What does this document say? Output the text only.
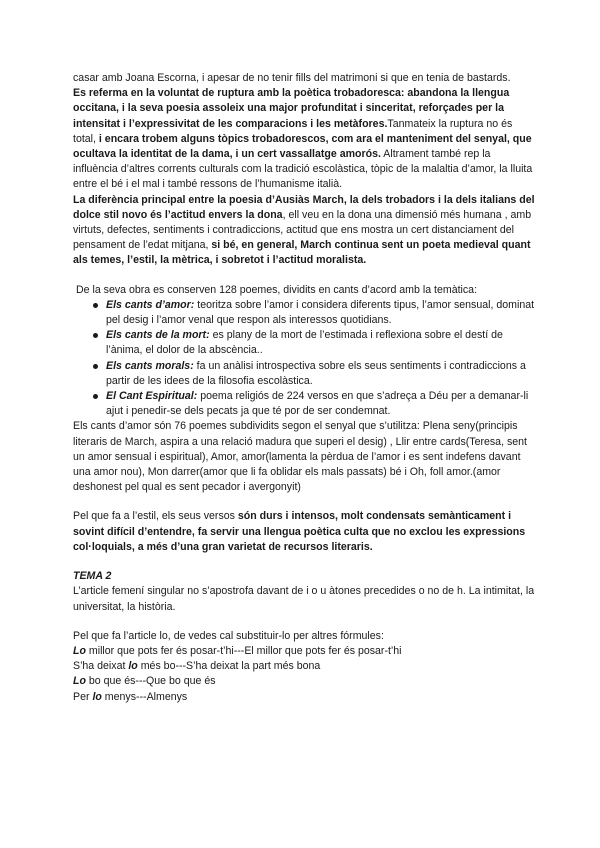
casar amb Joana Escorna, i apesar de no tenir fills del matrimoni si que en tenia de bastards.

Es referma en la voluntat de ruptura amb la poètica trobadoresca: abandona la llengua occitana, i la seva poesia assoleix una major profunditat i sinceritat, reforçades per la intensitat i l’expressivitat de les comparacions i les metàfores.Tanmateix la ruptura no és total, i encara trobem alguns tòpics trobadorescos, com ara el manteniment del senyal, que ocultava la identitat de la dama, i un cert vassallatge amorós. Altrament també rep la influència d’altres corrents culturals com la tradició escolàstica, tòpic de la malaltia d’amor, la lluita entre el bé i el mal i també ressons de l’humanisme italià.

La diferència principal entre la poesia d’Ausiàs March, la dels trobadors i la dels italians del dolce stil novo és l’actitud envers la dona, ell veu en la dona una dimensió més humana , amb virtuts, defectes, sentiments i contradiccions, actitud que ens mostra un cert distanciament del pensament de l’edat mitjana, si bé, en general, March continua sent un poeta medieval quant als temes, l’estil, la mètrica, i sobretot i l’actitud moralista.

De la seva obra es conserven 128 poemes, dividits en cants d’acord amb la temàtica:

Els cants d’amor: teoritza sobre l’amor i considera diferents tipus, l’amor sensual, dominat pel desig i l’amor venal que respon als interessos quotidians.
Els cants de la mort: es plany de la mort de l’estimada i reflexiona sobre el destí de l’ànima, el dolor de la abscència..
Els cants morals: fa un anàlisi introspectiva sobre els seus sentiments i contradiccions a partir de les idees de la filosofia escolàstica.
El Cant Espiritual: poema religiós de 224 versos en que s’adreça a Déu per a demanar-li ajut i penedir-se dels pecats ja que té por de ser condemnat.

Els cants d’amor són 76 poemes subdividits segon el senyal que s’utilitza: Plena seny(principis literaris de March, aspira a una relació madura que superi el desig) , Llir entre cards(Teresa, sent un amor sensual i espiritual), Amor, amor(lamenta la pèrdua de l’amor i es sent indefens davant una amor nou), Mon darrer(amor que li fa oblidar els mals passats) bé i Oh, foll amor.(amor deshonest pel qual es sent pecador i avergonyit)

Pel que fa a l’estil, els seus versos són durs i intensos, molt condensats semànticament i sovint difícil d’entendre, fa servir una llengua poètica culta que no exclou les expressions col·loquials, a més d’una gran varietat de recursos literaris.

TEMA 2

L’article femení singular no s’apostrofa davant de i o u àtones precedides o no de h. La intimitat, la universitat, la història.

Pel que fa l’article lo, de vedes cal substituir-lo per altres fórmules:

Lo millor que pots fer és posar-t’hi---El millor que pots fer és posar-t’hi

S’ha deixat lo més bo---S’ha deixat la part més bona

Lo bo que és---Que bo que és

Per lo menys---Almenys
